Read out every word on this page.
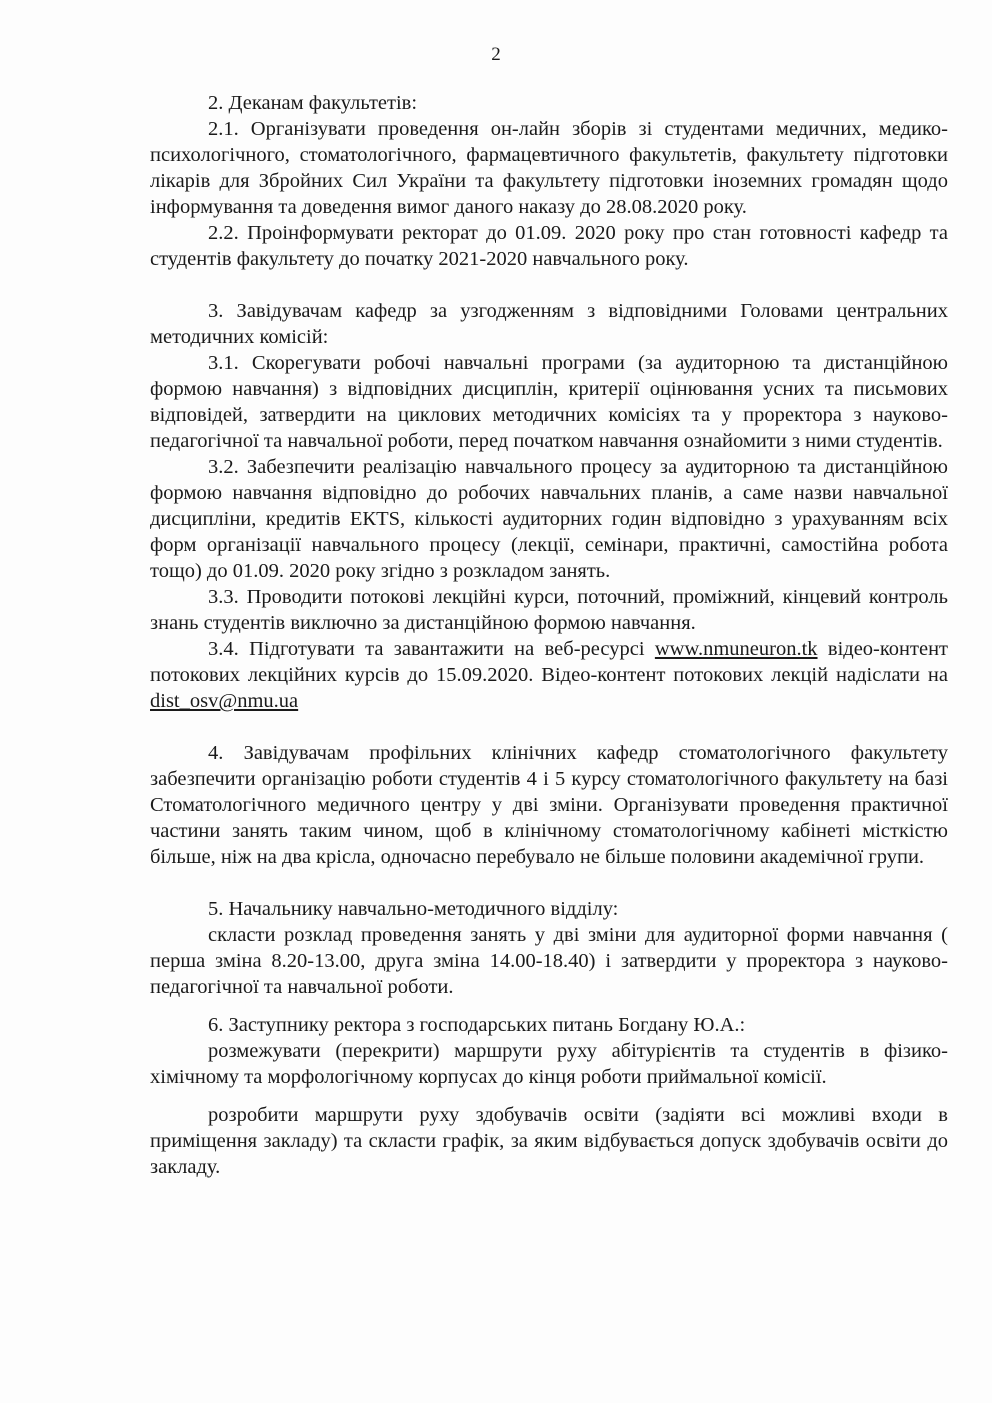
2

2. Деканам факультетів:

2.1. Організувати проведення он-лайн зборів зі студентами медичних, медико-психологічного, стоматологічного, фармацевтичного факультетів, факультету підготовки лікарів для Збройних Сил України та факультету підготовки іноземних громадян щодо інформування та доведення вимог даного наказу до 28.08.2020 року.

2.2. Проінформувати ректорат до 01.09. 2020 року про стан готовності кафедр та студентів факультету до початку 2021-2020 навчального року.

3. Завідувачам кафедр за узгодженням з відповідними Головами центральних методичних комісій:

3.1. Скорегувати робочі навчальні програми (за аудиторною та дистанційною формою навчання) з відповідних дисциплін, критерії оцінювання усних та письмових відповідей, затвердити на циклових методичних комісіях та у проректора з науково-педагогічної та навчальної роботи, перед початком навчання ознайомити з ними студентів.

3.2. Забезпечити реалізацію навчального процесу за аудиторною та дистанційною формою навчання відповідно до робочих навчальних планів, а саме назви навчальної дисципліни, кредитів ЕКTS, кількості аудиторних годин відповідно з урахуванням всіх форм організації навчального процесу (лекції, семінари, практичні, самостійна робота тощо) до 01.09. 2020 року згідно з розкладом занять.

3.3. Проводити потокові лекційні курси, поточний, проміжний, кінцевий контроль знань студентів виключно за дистанційною формою навчання.

3.4. Підготувати та завантажити на веб-ресурсі www.nmuneuron.tk відео-контент потокових лекційних курсів до 15.09.2020. Відео-контент потокових лекцій надіслати на dist_osv@nmu.ua

4. Завідувачам профільних клінічних кафедр стоматологічного факультету забезпечити організацію роботи студентів 4 і 5 курсу стоматологічного факультету на базі Стоматологічного медичного центру у дві зміни. Організувати проведення практичної частини занять таким чином, щоб в клінічному стоматологічному кабінеті місткістю більше, ніж на два крісла, одночасно перебувало не більше половини академічної групи.

5. Начальнику навчально-методичного відділу:

скласти розклад проведення занять у дві зміни для аудиторної форми навчання ( перша зміна 8.20-13.00, друга зміна 14.00-18.40) і затвердити у проректора з науково-педагогічної та навчальної роботи.

6. Заступнику ректора з господарських питань Богдану Ю.А.:

розмежувати (перекрити) маршрути руху абітурієнтів та студентів в фізико-хімічному та морфологічному корпусах до кінця роботи приймальної комісії.

розробити маршрути руху здобувачів освіти (задіяти всі можливі входи в приміщення закладу) та скласти графік, за яким відбувається допуск здобувачів освіти до закладу.
